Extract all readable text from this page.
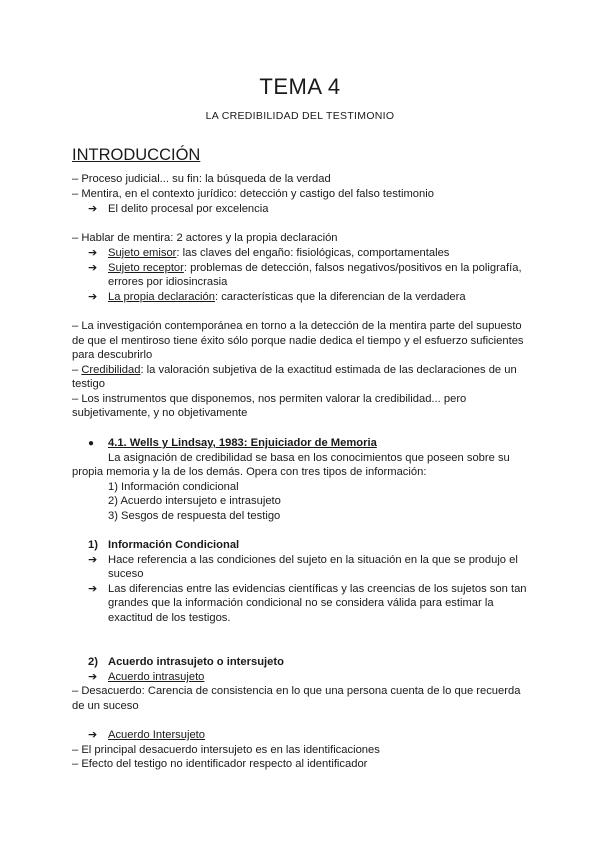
TEMA 4
LA CREDIBILIDAD DEL TESTIMONIO
INTRODUCCIÓN
– Proceso judicial... su fin: la búsqueda de la verdad
– Mentira, en el contexto jurídico: detección y castigo del falso testimonio
➔ El delito procesal por excelencia
– Hablar de mentira: 2 actores y la propia declaración
➔ Sujeto emisor: las claves del engaño: fisiológicas, comportamentales
➔ Sujeto receptor: problemas de detección, falsos negativos/positivos en la poligrafía,
errores por idiosincrasia
➔ La propia declaración: características que la diferencian de la verdadera
– La investigación contemporánea en torno a la detección de la mentira parte del supuesto
de que el mentiroso tiene éxito sólo porque nadie dedica el tiempo y el esfuerzo suficientes
para descubrirlo
– Credibilidad: la valoración subjetiva de la exactitud estimada de las declaraciones de un
testigo
– Los instrumentos que disponemos, nos permiten valorar la credibilidad... pero
subjetivamente, y no objetivamente
● 4.1. Wells y Lindsay, 1983: Enjuiciador de Memoria
La asignación de credibilidad se basa en los conocimientos que poseen sobre su
propia memoria y la de los demás. Opera con tres tipos de información:
1) Información condicional
2) Acuerdo intersujeto e intrasujeto
3) Sesgos de respuesta del testigo
1) Información Condicional
➔ Hace referencia a las condiciones del sujeto en la situación en la que se produjo el
suceso
➔ Las diferencias entre las evidencias científicas y las creencias de los sujetos son tan
grandes que la información condicional no se considera válida para estimar la
exactitud de los testigos.
2) Acuerdo intrasujeto o intersujeto
➔ Acuerdo intrasujeto
– Desacuerdo: Carencia de consistencia en lo que una persona cuenta de lo que recuerda
de un suceso
➔ Acuerdo Intersujeto
– El principal desacuerdo intersujeto es en las identificaciones
– Efecto del testigo no identificador respecto al identificador
